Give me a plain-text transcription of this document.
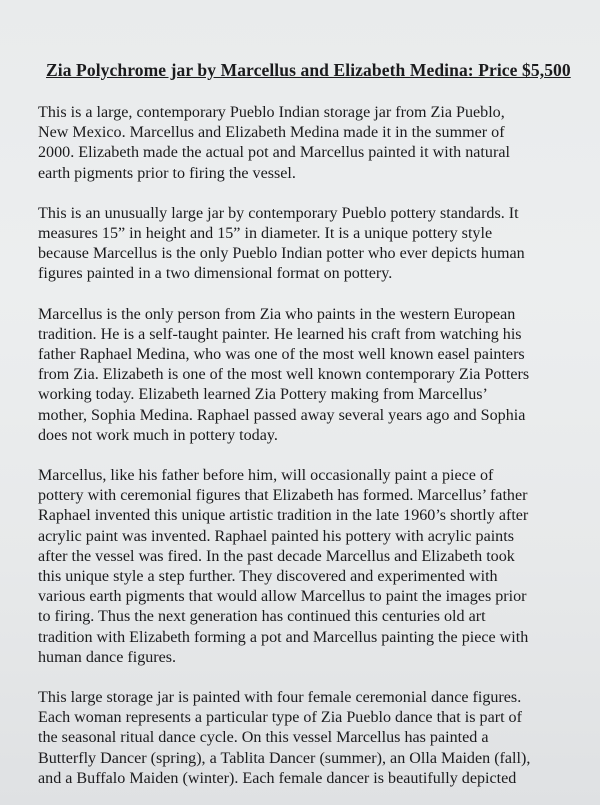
Zia Polychrome jar by Marcellus and Elizabeth Medina: Price $5,500
This is a large, contemporary Pueblo Indian storage jar from Zia Pueblo,
New Mexico. Marcellus and Elizabeth Medina made it in the summer of
2000. Elizabeth made the actual pot and Marcellus painted it with natural
earth pigments prior to firing the vessel.
This is an unusually large jar by contemporary Pueblo pottery standards. It
measures 15” in height and 15” in diameter. It is a unique pottery style
because Marcellus is the only Pueblo Indian potter who ever depicts human
figures painted in a two dimensional format on pottery.
Marcellus is the only person from Zia who paints in the western European
tradition. He is a self-taught painter. He learned his craft from watching his
father Raphael Medina, who was one of the most well known easel painters
from Zia. Elizabeth is one of the most well known contemporary Zia Potters
working today. Elizabeth learned Zia Pottery making from Marcellus’
mother, Sophia Medina. Raphael passed away several years ago and Sophia
does not work much in pottery today.
Marcellus, like his father before him, will occasionally paint a piece of
pottery with ceremonial figures that Elizabeth has formed. Marcellus’ father
Raphael invented this unique artistic tradition in the late 1960’s shortly after
acrylic paint was invented. Raphael painted his pottery with acrylic paints
after the vessel was fired. In the past decade Marcellus and Elizabeth took
this unique style a step further. They discovered and experimented with
various earth pigments that would allow Marcellus to paint the images prior
to firing. Thus the next generation has continued this centuries old art
tradition with Elizabeth forming a pot and Marcellus painting the piece with
human dance figures.
This large storage jar is painted with four female ceremonial dance figures.
Each woman represents a particular type of Zia Pueblo dance that is part of
the seasonal ritual dance cycle. On this vessel Marcellus has painted a
Butterfly Dancer (spring), a Tablita Dancer (summer), an Olla Maiden (fall),
and a Buffalo Maiden (winter). Each female dancer is beautifully depicted
